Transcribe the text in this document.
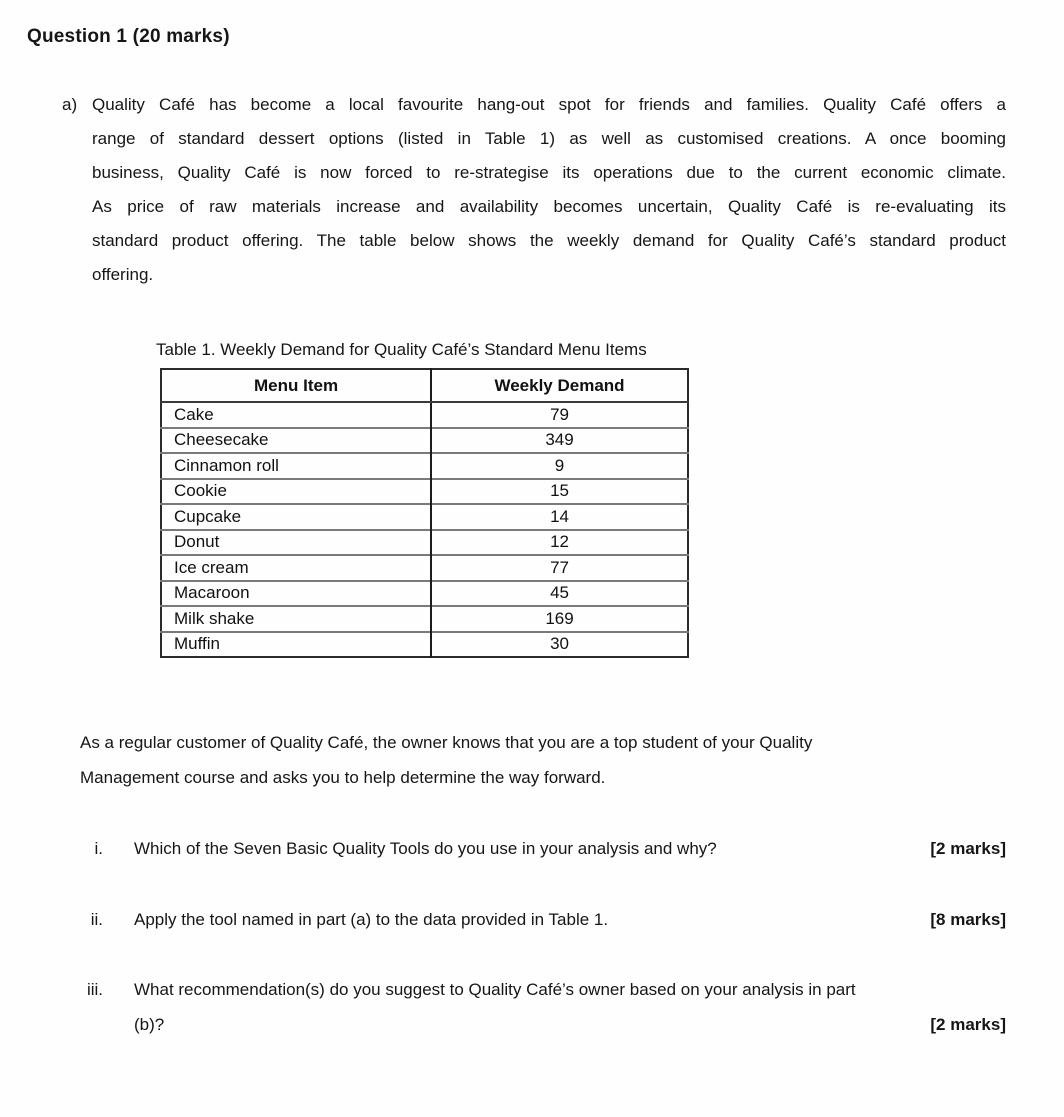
Question 1 (20 marks)
a) Quality Café has become a local favourite hang-out spot for friends and families. Quality Café offers a
range of standard dessert options (listed in Table 1) as well as customised creations. A once booming
business, Quality Café is now forced to re-strategise its operations due to the current economic climate.
As price of raw materials increase and availability becomes uncertain, Quality Café is re-evaluating its
standard product offering. The table below shows the weekly demand for Quality Café’s standard product
offering.
Table 1. Weekly Demand for Quality Café’s Standard Menu Items
Menu Item	Weekly Demand
Cake	79
Cheesecake	349
Cinnamon roll	9
Cookie	15
Cupcake	14
Donut	12
Ice cream	77
Macaroon	45
Milk shake	169
Muffin	30
As a regular customer of Quality Café, the owner knows that you are a top student of your Quality
Management course and asks you to help determine the way forward.
i. Which of the Seven Basic Quality Tools do you use in your analysis and why?	[2 marks]
ii. Apply the tool named in part (a) to the data provided in Table 1.	[8 marks]
iii. What recommendation(s) do you suggest to Quality Café’s owner based on your analysis in part
(b)?	[2 marks]
